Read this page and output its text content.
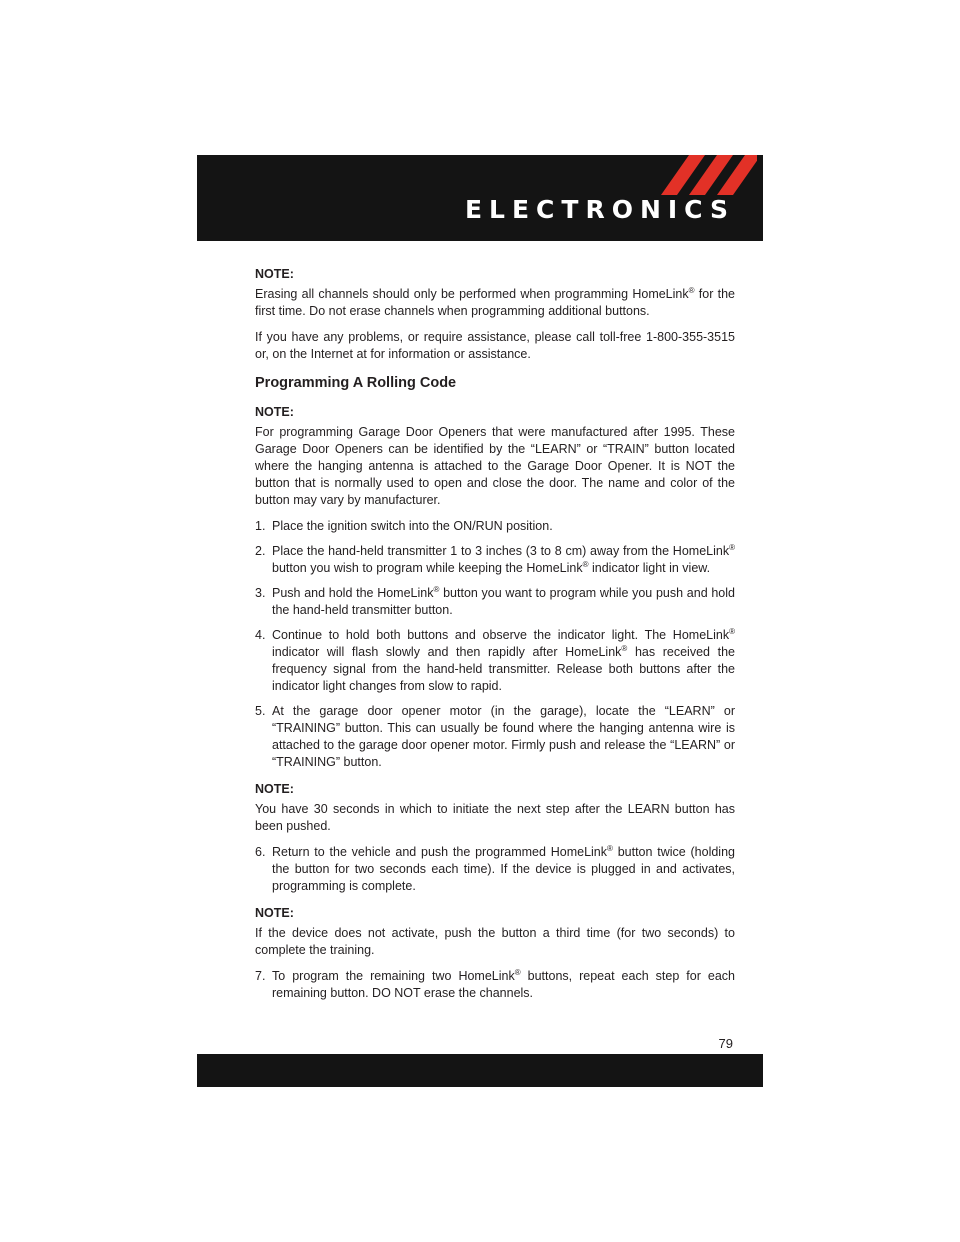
ELECTRONICS
NOTE:

Erasing all channels should only be performed when programming HomeLink® for the first time. Do not erase channels when programming additional buttons.

If you have any problems, or require assistance, please call toll-free 1-800-355-3515 or, on the Internet at for information or assistance.

Programming A Rolling Code
NOTE:

For programming Garage Door Openers that were manufactured after 1995. These Garage Door Openers can be identified by the “LEARN” or “TRAIN” button located where the hanging antenna is attached to the Garage Door Opener. It is NOT the button that is normally used to open and close the door. The name and color of the button may vary by manufacturer.

1. Place the ignition switch into the ON/RUN position.
2. Place the hand-held transmitter 1 to 3 inches (3 to 8 cm) away from the HomeLink® button you wish to program while keeping the HomeLink® indicator light in view.
3. Push and hold the HomeLink® button you want to program while you push and hold the hand-held transmitter button.
4. Continue to hold both buttons and observe the indicator light. The HomeLink® indicator will flash slowly and then rapidly after HomeLink® has received the frequency signal from the hand-held transmitter. Release both buttons after the indicator light changes from slow to rapid.
5. At the garage door opener motor (in the garage), locate the “LEARN” or “TRAINING” button. This can usually be found where the hanging antenna wire is attached to the garage door opener motor. Firmly push and release the “LEARN” or “TRAINING” button.
NOTE:

You have 30 seconds in which to initiate the next step after the LEARN button has been pushed.

6. Return to the vehicle and push the programmed HomeLink® button twice (holding the button for two seconds each time). If the device is plugged in and activates, programming is complete.
NOTE:

If the device does not activate, push the button a third time (for two seconds) to complete the training.

7. To program the remaining two HomeLink® buttons, repeat each step for each remaining button. DO NOT erase the channels.
79
